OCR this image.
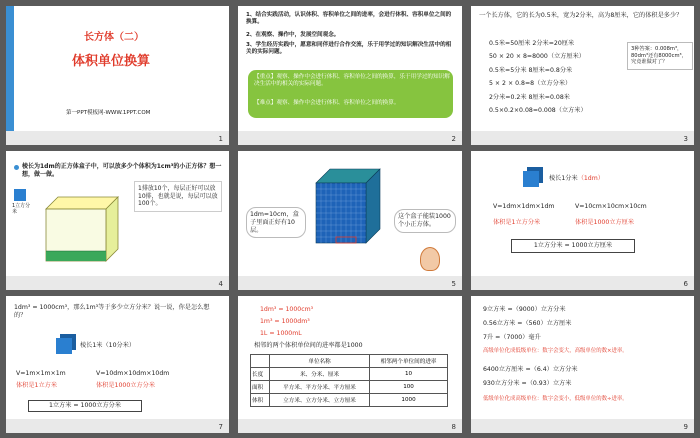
长方体（二）
体积单位换算
第一PPT模板网-WWW.1PPT.COM
1
1、结合实践活动，认识体积、容积单位之间的进率，会进行体积、容积单位之间的换算。
2、在观察、操作中，发展空间观念。
3、学生经历实践中，愿意和同伴进行合作交流，乐于用学过的知识解决生活中的相关的实际问题。
【重点】观察、操作中会进行体积、容积单位之间的换算，乐于用学过的知识解决生活中的相关的实际问题。
【难点】观察、操作中会进行体积、容积单位之间的换算。
2
一个长方体，它的长为0.5米，宽为2分米，高为8厘米，它的体积是多少？
0.5米=50厘米 2分米=20厘米
50 × 20 × 8=8000（立方厘米）
0.5米=5分米 8厘米=0.8分米
5 × 2 × 0.8=8（立方分米）
2分米=0.2米 8厘米=0.08米
0.5×0.2×0.08=0.008（立方米）
3种答案：0.008m³，80dm³还有8000cm³，究竟谁做对了？
3
棱长为1dm的正方体盒子中，可以放多少个体积为1cm³的小正方体？想一想，做一做。
1立方分米
1排放10个，每层正好可以放10排，也就是说，每层可以放100个。
4
1dm=10cm，盒子里面正好有10层。
这个盒子能装1000个小正方体。
5
棱长1分米（1dm）
V=1dm×1dm×1dm	V=10cm×10cm×10cm
体积是1立方分米	体积是1000立方厘米
1立方分米 = 1000立方厘米
6
1dm³ = 1000cm³，那么1m³等于多少立方分米？说一说，你是怎么想的？
棱长1米（10分米）
V=1m×1m×1m	V=10dm×10dm×10dm
体积是1立方米	体积是1000立方分米
1立方米 = 1000立方分米
7
1dm³ = 1000cm³
1m³ = 1000dm³
1L = 1000mL
相邻的两个体积单位间的进率都是1000
	单位名称	相邻两个单位间的进率
长度	米、分米、厘米	10
面积	平方米、平方分米、平方厘米	100
体积	立方米、立方分米、立方厘米	1000
8
9立方米 =（9000）立方分米
0.56立方米 =（560）立方厘米
7升 =（7000）毫升
高级单位化成低级单位：数字会变大，高级单位的数×进率。
6400立方厘米 =（6.4）立方分米
930立方分米 =（0.93）立方米
低级单位化成高级单位：数字会变小，低级单位的数÷进率。
9
